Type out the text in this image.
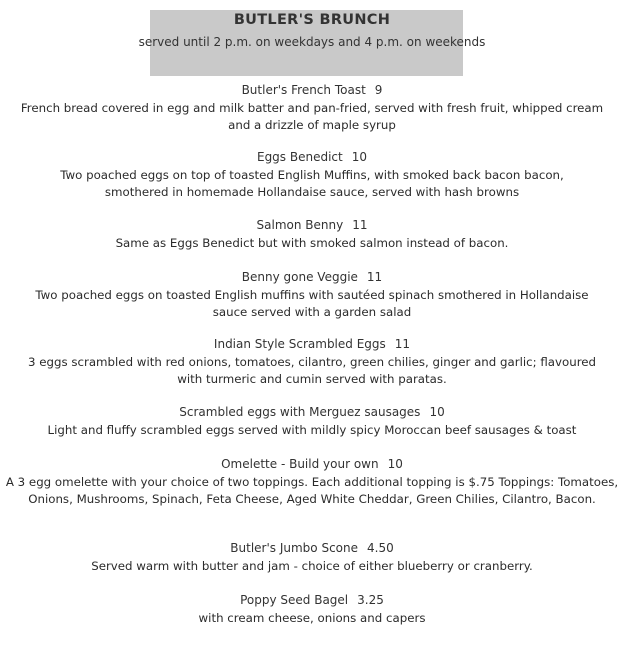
BUTLER'S BRUNCH
served until 2 p.m. on weekdays and 4 p.m. on weekends
Butler's French Toast 9
French bread covered in egg and milk batter and pan-fried, served with fresh fruit, whipped cream and a drizzle of maple syrup
Eggs Benedict 10
Two poached eggs on top of toasted English Muffins, with smoked back bacon bacon, smothered in homemade Hollandaise sauce, served with hash browns
Salmon Benny 11
Same as Eggs Benedict but with smoked salmon instead of bacon.
Benny gone Veggie 11
Two poached eggs on toasted English muffins with sautéed spinach smothered in Hollandaise sauce served with a garden salad
Indian Style Scrambled Eggs 11
3 eggs scrambled with red onions, tomatoes, cilantro, green chilies, ginger and garlic; flavoured with turmeric and cumin served with paratas.
Scrambled eggs with Merguez sausages 10
Light and fluffy scrambled eggs served with mildly spicy Moroccan beef sausages & toast
Omelette - Build your own 10
A 3 egg omelette with your choice of two toppings. Each additional topping is $.75 Toppings: Tomatoes, Onions, Mushrooms, Spinach, Feta Cheese, Aged White Cheddar, Green Chilies, Cilantro, Bacon.
Butler's Jumbo Scone 4.50
Served warm with butter and jam - choice of either blueberry or cranberry.
Poppy Seed Bagel 3.25
with cream cheese, onions and capers
